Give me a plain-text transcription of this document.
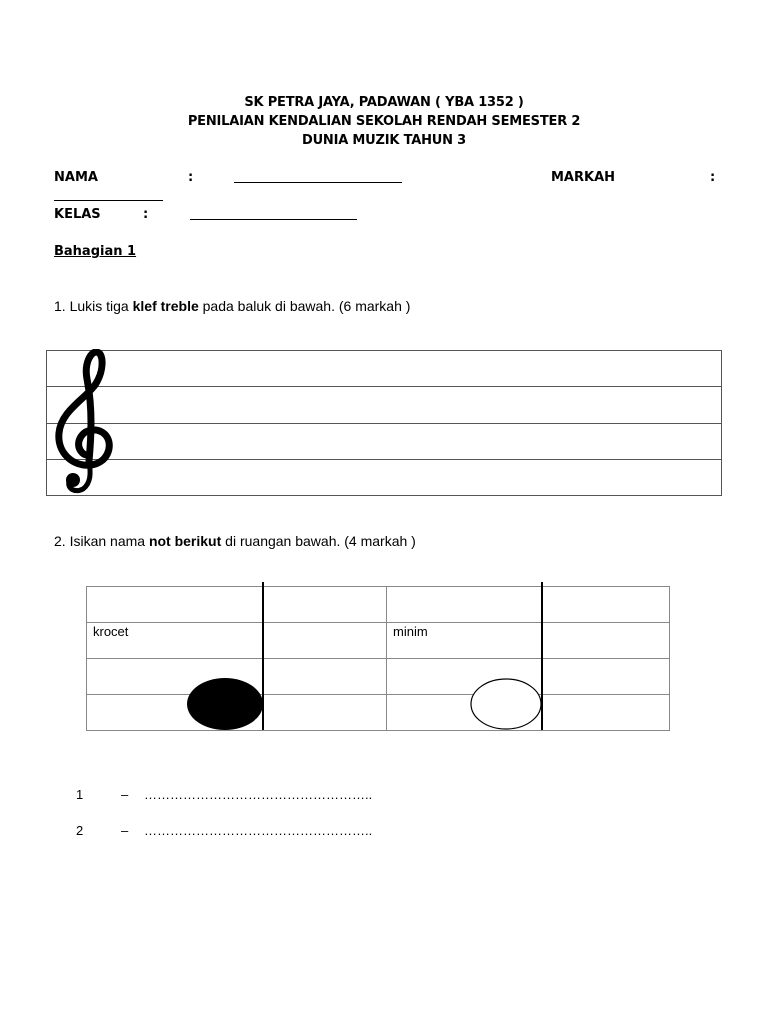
SK PETRA JAYA, PADAWAN ( YBA 1352 )
PENILAIAN KENDALIAN SEKOLAH RENDAH SEMESTER 2
DUNIA MUZIK TAHUN 3
NAMA	:	MARKAH	:
KELAS	:
Bahagian 1
1. Lukis tiga klef treble pada baluk di bawah. (6 markah )
2. Isikan nama not berikut di ruangan bawah. (4 markah )
krocet	minim
1	– ……………………………………………..
2	– ……………………………………………..
